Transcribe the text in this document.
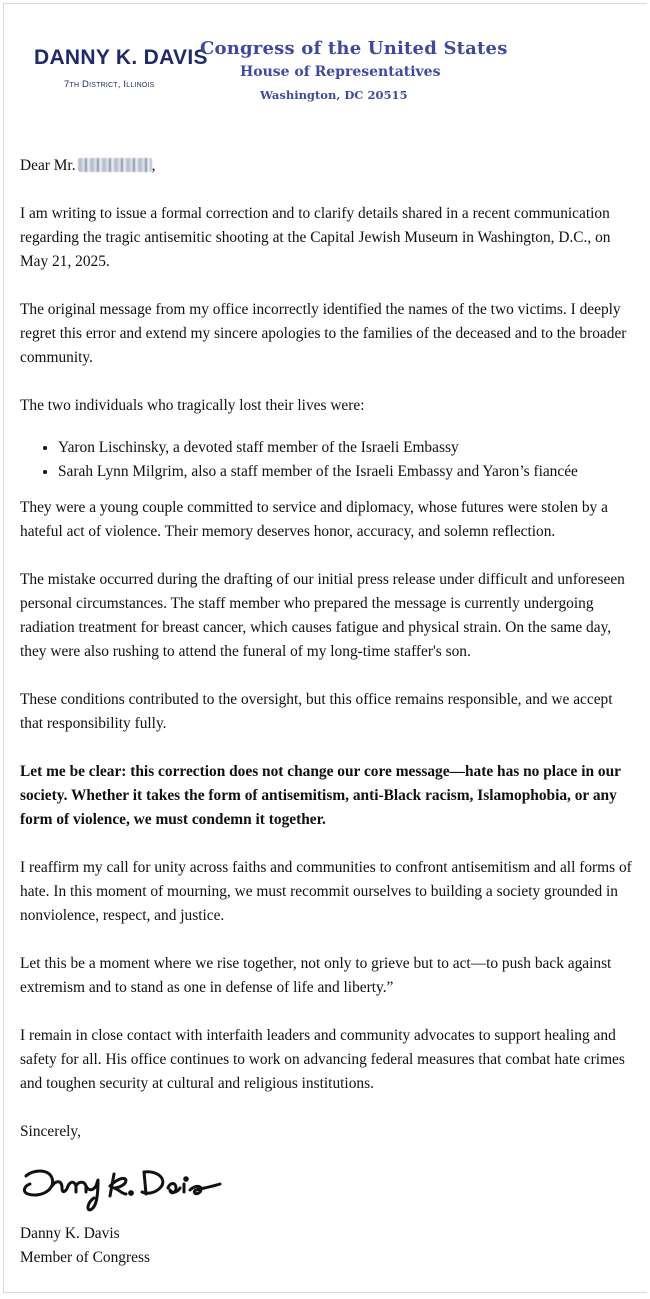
DANNY K. DAVIS
7th District, Illinois
Congress of the United States
House of Representatives
Washington, DC 20515
Dear Mr.	,

I am writing to issue a formal correction and to clarify details shared in a recent communication regarding the tragic antisemitic shooting at the Capital Jewish Museum in Washington, D.C., on May 21, 2025.

The original message from my office incorrectly identified the names of the two victims. I deeply regret this error and extend my sincere apologies to the families of the deceased and to the broader community.

The two individuals who tragically lost their lives were:

• Yaron Lischinsky, a devoted staff member of the Israeli Embassy
• Sarah Lynn Milgrim, also a staff member of the Israeli Embassy and Yaron’s fiancée

They were a young couple committed to service and diplomacy, whose futures were stolen by a hateful act of violence. Their memory deserves honor, accuracy, and solemn reflection.

The mistake occurred during the drafting of our initial press release under difficult and unforeseen personal circumstances. The staff member who prepared the message is currently undergoing radiation treatment for breast cancer, which causes fatigue and physical strain. On the same day, they were also rushing to attend the funeral of my long-time staffer's son.

These conditions contributed to the oversight, but this office remains responsible, and we accept that responsibility fully.

Let me be clear: this correction does not change our core message—hate has no place in our society. Whether it takes the form of antisemitism, anti-Black racism, Islamophobia, or any form of violence, we must condemn it together.

I reaffirm my call for unity across faiths and communities to confront antisemitism and all forms of hate. In this moment of mourning, we must recommit ourselves to building a society grounded in nonviolence, respect, and justice.

Let this be a moment where we rise together, not only to grieve but to act—to push back against extremism and to stand as one in defense of life and liberty.”

I remain in close contact with interfaith leaders and community advocates to support healing and safety for all. His office continues to work on advancing federal measures that combat hate crimes and toughen security at cultural and religious institutions.

Sincerely,

Danny K. Davis
Member of Congress
